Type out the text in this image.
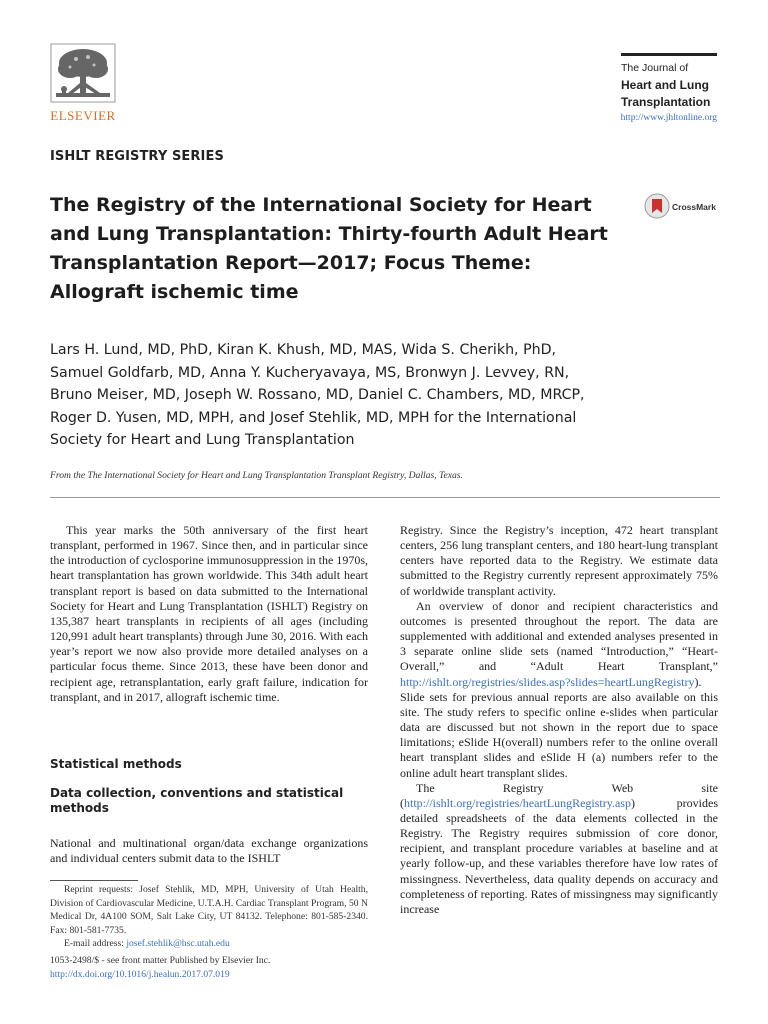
ELSEVIER
The Journal of
Heart and Lung
Transplantation
http://www.jhltonline.org
ISHLT REGISTRY SERIES
The Registry of the International Society for Heart
and Lung Transplantation: Thirty-fourth Adult Heart
Transplantation Report—2017; Focus Theme:
Allograft ischemic time
CrossMark
Lars H. Lund, MD, PhD, Kiran K. Khush, MD, MAS, Wida S. Cherikh, PhD,
Samuel Goldfarb, MD, Anna Y. Kucheryavaya, MS, Bronwyn J. Levvey, RN,
Bruno Meiser, MD, Joseph W. Rossano, MD, Daniel C. Chambers, MD, MRCP,
Roger D. Yusen, MD, MPH, and Josef Stehlik, MD, MPH for the International
Society for Heart and Lung Transplantation
From the The International Society for Heart and Lung Transplantation Transplant Registry, Dallas, Texas.

This year marks the 50th anniversary of the first heart transplant, performed in 1967. Since then, and in particular since the introduction of cyclosporine immunosuppression in the 1970s, heart transplantation has grown worldwide. This 34th adult heart transplant report is based on data submitted to the International Society for Heart and Lung Transplantation (ISHLT) Registry on 135,387 heart transplants in recipients of all ages (including 120,991 adult heart transplants) through June 30, 2016. With each year’s report we now also provide more detailed analyses on a particular focus theme. Since 2013, these have been donor and recipient age, retransplantation, early graft failure, indication for transplant, and in 2017, allograft ischemic time.

Statistical methods
Data collection, conventions and statistical methods
National and multinational organ/data exchange organizations and individual centers submit data to the ISHLT

Reprint requests: Josef Stehlik, MD, MPH, University of Utah Health, Division of Cardiovascular Medicine, U.T.A.H. Cardiac Transplant Program, 50 N Medical Dr, 4A100 SOM, Salt Lake City, UT 84132. Telephone: 801-585-2340. Fax: 801-581-7735.

E-mail address: josef.stehlik@hsc.utah.edu

1053-2498/$ - see front matter Published by Elsevier Inc.
http://dx.doi.org/10.1016/j.healun.2017.07.019

Registry. Since the Registry’s inception, 472 heart transplant centers, 256 lung transplant centers, and 180 heart-lung transplant centers have reported data to the Registry. We estimate data submitted to the Registry currently represent approximately 75% of worldwide transplant activity.

An overview of donor and recipient characteristics and outcomes is presented throughout the report. The data are supplemented with additional and extended analyses presented in 3 separate online slide sets (named “Introduction,” “Heart-Overall,” and “Adult Heart Transplant,” http://ishlt.org/registries/slides.asp?slides=heartLungRegistry). Slide sets for previous annual reports are also available on this site. The study refers to specific online e-slides when particular data are discussed but not shown in the report due to space limitations; eSlide H(overall) numbers refer to the online overall heart transplant slides and eSlide H (a) numbers refer to the online adult heart transplant slides.

The Registry Web site (http://ishlt.org/registries/heartLungRegistry.asp) provides detailed spreadsheets of the data elements collected in the Registry. The Registry requires submission of core donor, recipient, and transplant procedure variables at baseline and at yearly follow-up, and these variables therefore have low rates of missingness. Nevertheless, data quality depends on accuracy and completeness of reporting. Rates of missingness may significantly increase
